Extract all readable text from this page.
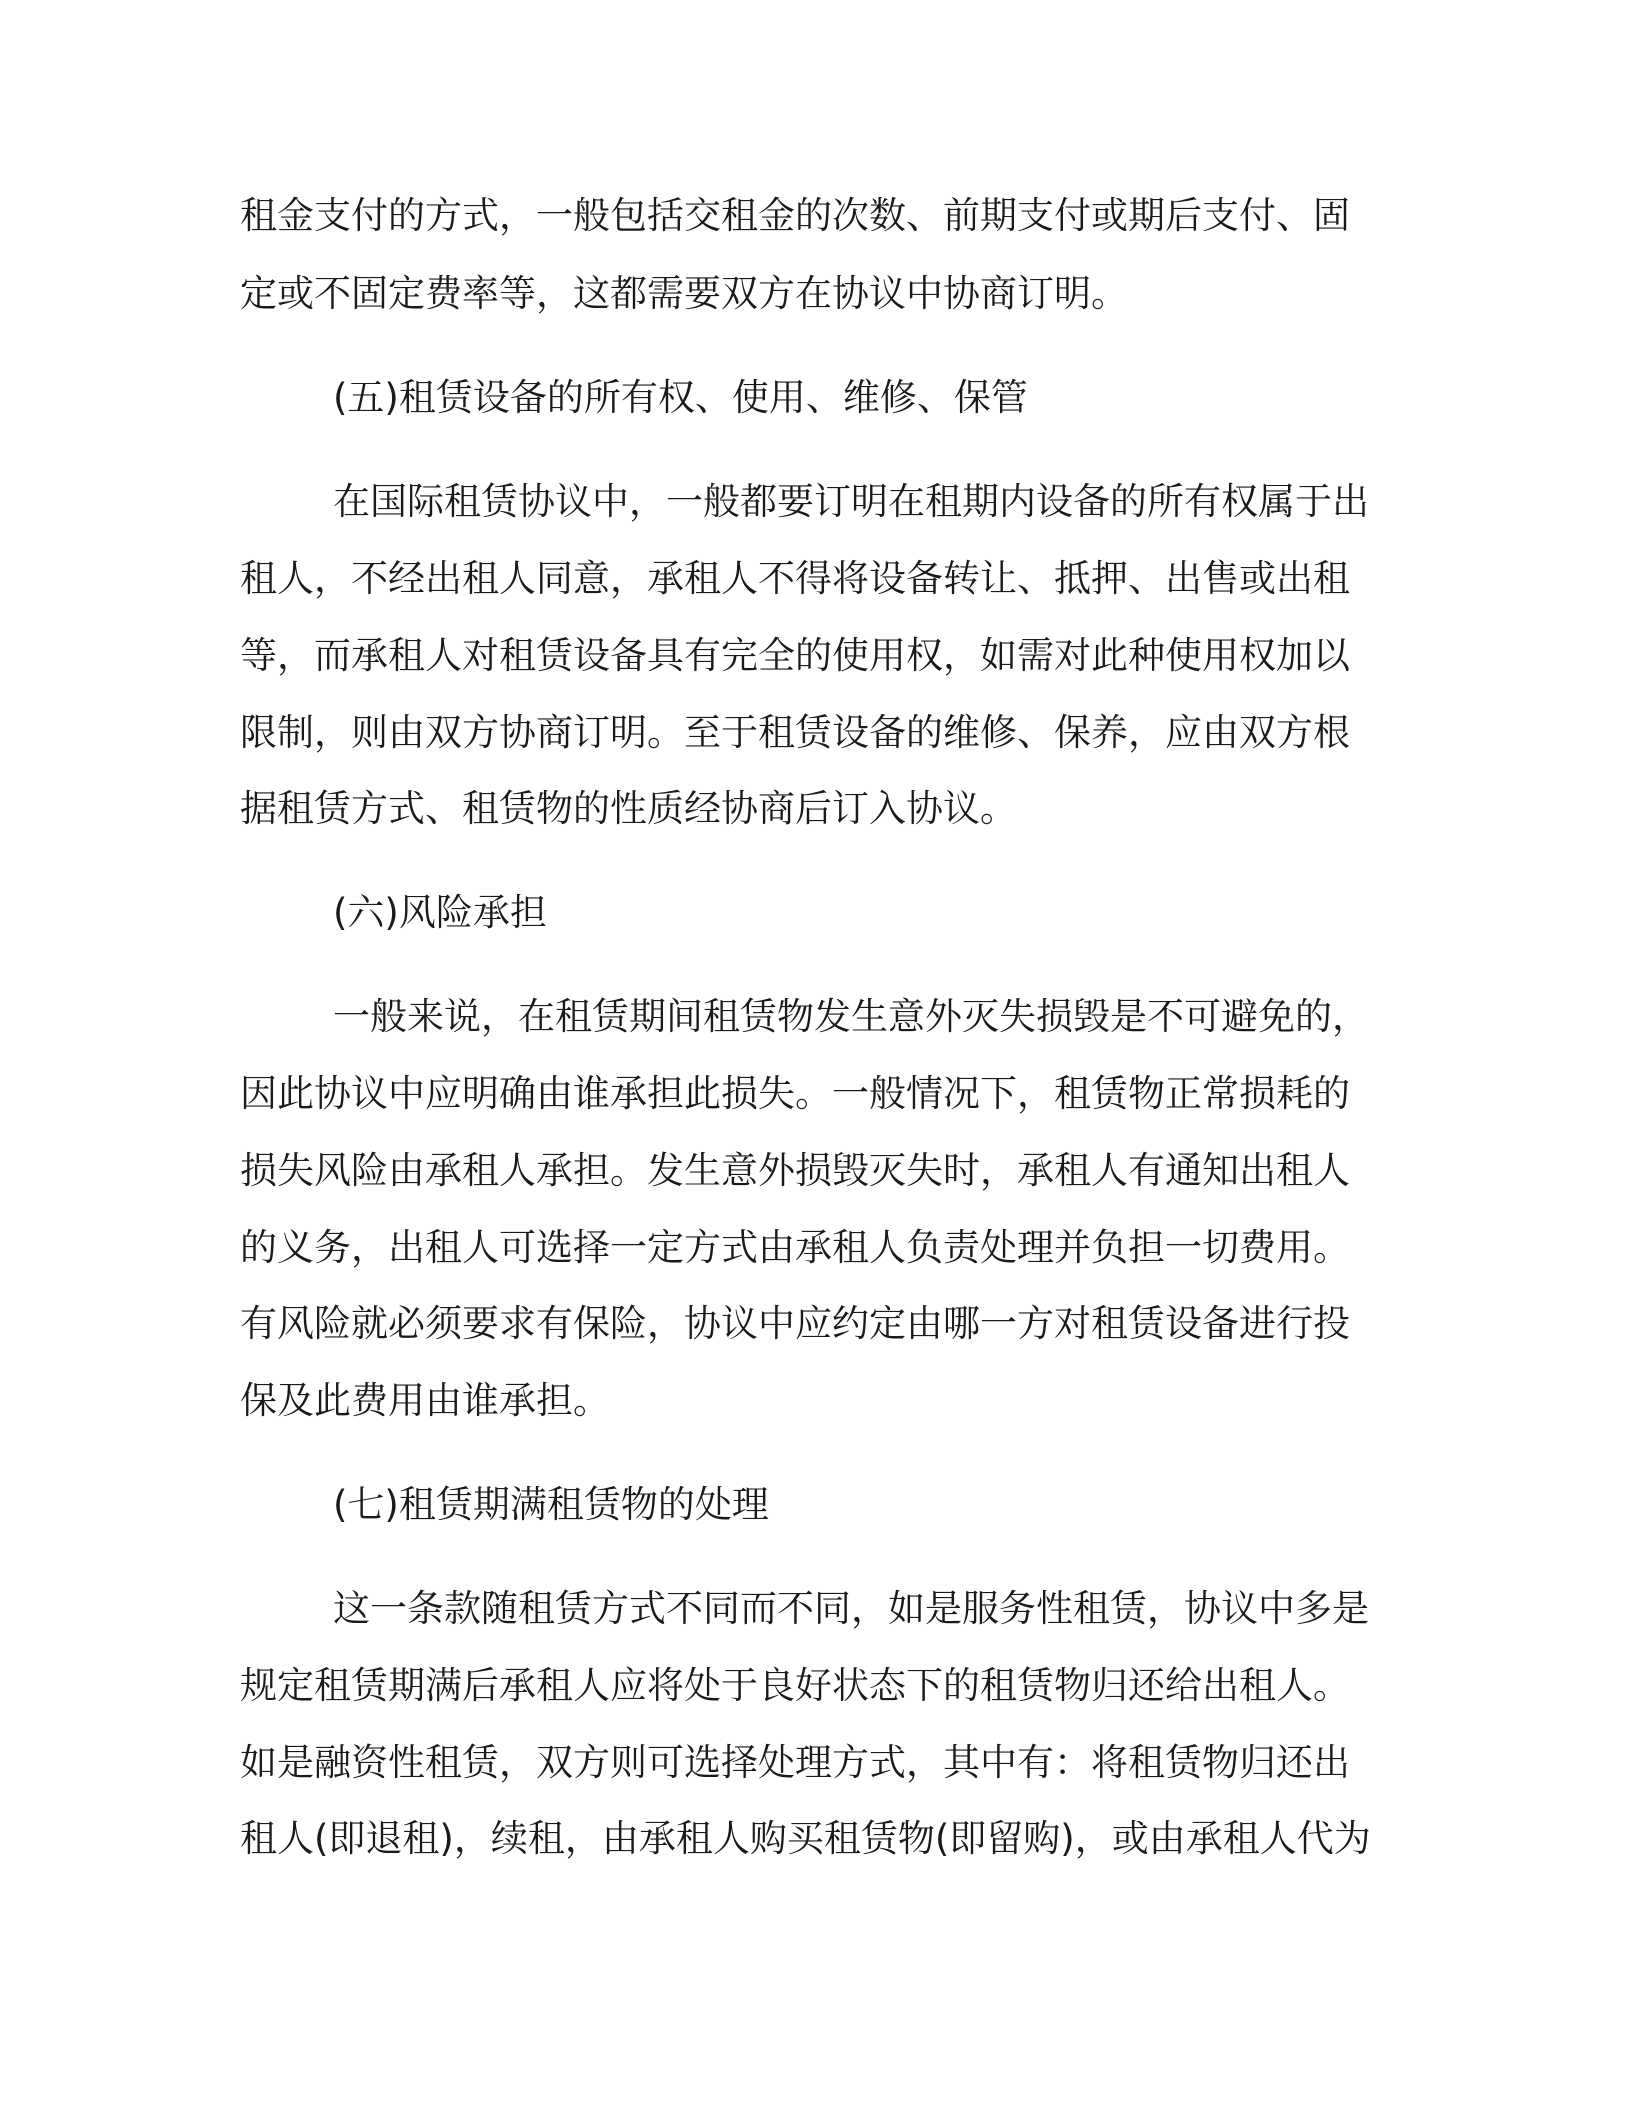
租金支付的方式，一般包括交租金的次数、前期支付或期后支付、固

定或不固定费率等，这都需要双方在协议中协商订明。

(五)租赁设备的所有权、使用、维修、保管

在国际租赁协议中，一般都要订明在租期内设备的所有权属于出

租人，不经出租人同意，承租人不得将设备转让、抵押、出售或出租

等，而承租人对租赁设备具有完全的使用权，如需对此种使用权加以

限制，则由双方协商订明。至于租赁设备的维修、保养，应由双方根

据租赁方式、租赁物的性质经协商后订入协议。

(六)风险承担

一般来说，在租赁期间租赁物发生意外灭失损毁是不可避免的，

因此协议中应明确由谁承担此损失。一般情况下，租赁物正常损耗的

损失风险由承租人承担。发生意外损毁灭失时，承租人有通知出租人

的义务，出租人可选择一定方式由承租人负责处理并负担一切费用。

有风险就必须要求有保险，协议中应约定由哪一方对租赁设备进行投

保及此费用由谁承担。

(七)租赁期满租赁物的处理

这一条款随租赁方式不同而不同，如是服务性租赁，协议中多是

规定租赁期满后承租人应将处于良好状态下的租赁物归还给出租人。

如是融资性租赁，双方则可选择处理方式，其中有：将租赁物归还出

租人(即退租)，续租，由承租人购买租赁物(即留购)，或由承租人代为
